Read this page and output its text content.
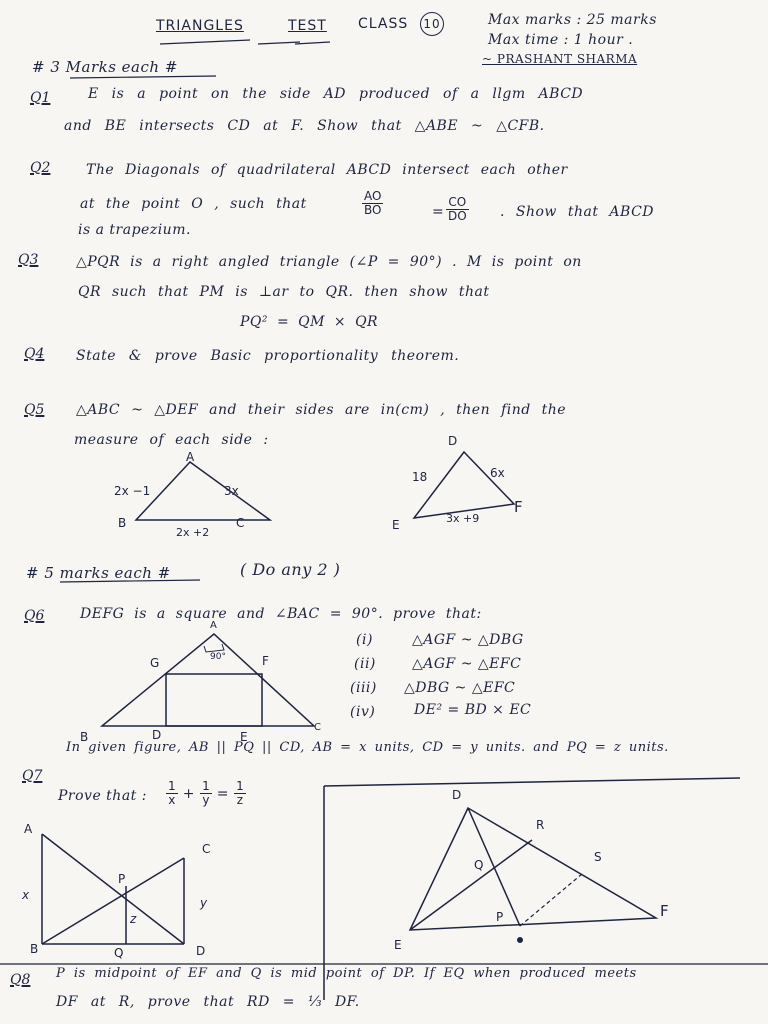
TRIANGLES	TEST CLASS 10	Max marks : 25 marks
Max time : 1 hour .
~ PRASHANT SHARMA
# 3 Marks each #
Q1	E is a point on the side AD produced of a llgm ABCD
and BE intersects CD at F. Show that △ABE ~ △CFB.
Q2	The Diagonals of quadrilateral ABCD intersect each other
at the point O , such that	$\frac{AO}{BO}$	= $\frac{CO}{DO}$ . Show that ABCD
is a trapezium.
Q3	△PQR is a right angled triangle (∠P = 90°) . M is point on
QR such that PM is ⊥ar to QR. then show that
PQ² = QM × QR
Q4 State & prove Basic proportionality theorem.
Q5 △ABC ~ △DEF and their sides are in(cm) , then find the
measure of each side :
A
B	C
2x −1	3x
2x +2
D
E
F
18	6x
3x +9
# 5 marks each #	( Do any 2 )
Q6	DEFG is a square and ∠BAC = 90°. prove that:
(i)	△AGF ~ △DBG
(ii)	△AGF ~ △EFC
(iii) △DBG ~ △EFC
(iv)	DE² = BD × EC
A
90°
G	F
B	D	E
C
Q7
In given figure, AB || PQ || CD, AB = x units, CD = y units. and PQ = z units.
Prove that : $\frac{1}{x} + \frac{1}{y} = \frac{1}{z}$
A
C
B	D
P
Q
x
y
z
D
R
S
Q
P
E
F
Q8 P is midpoint of EF and Q is mid point of DP. If EQ when produced meets
DF at R, prove that RD = ⅓ DF.
